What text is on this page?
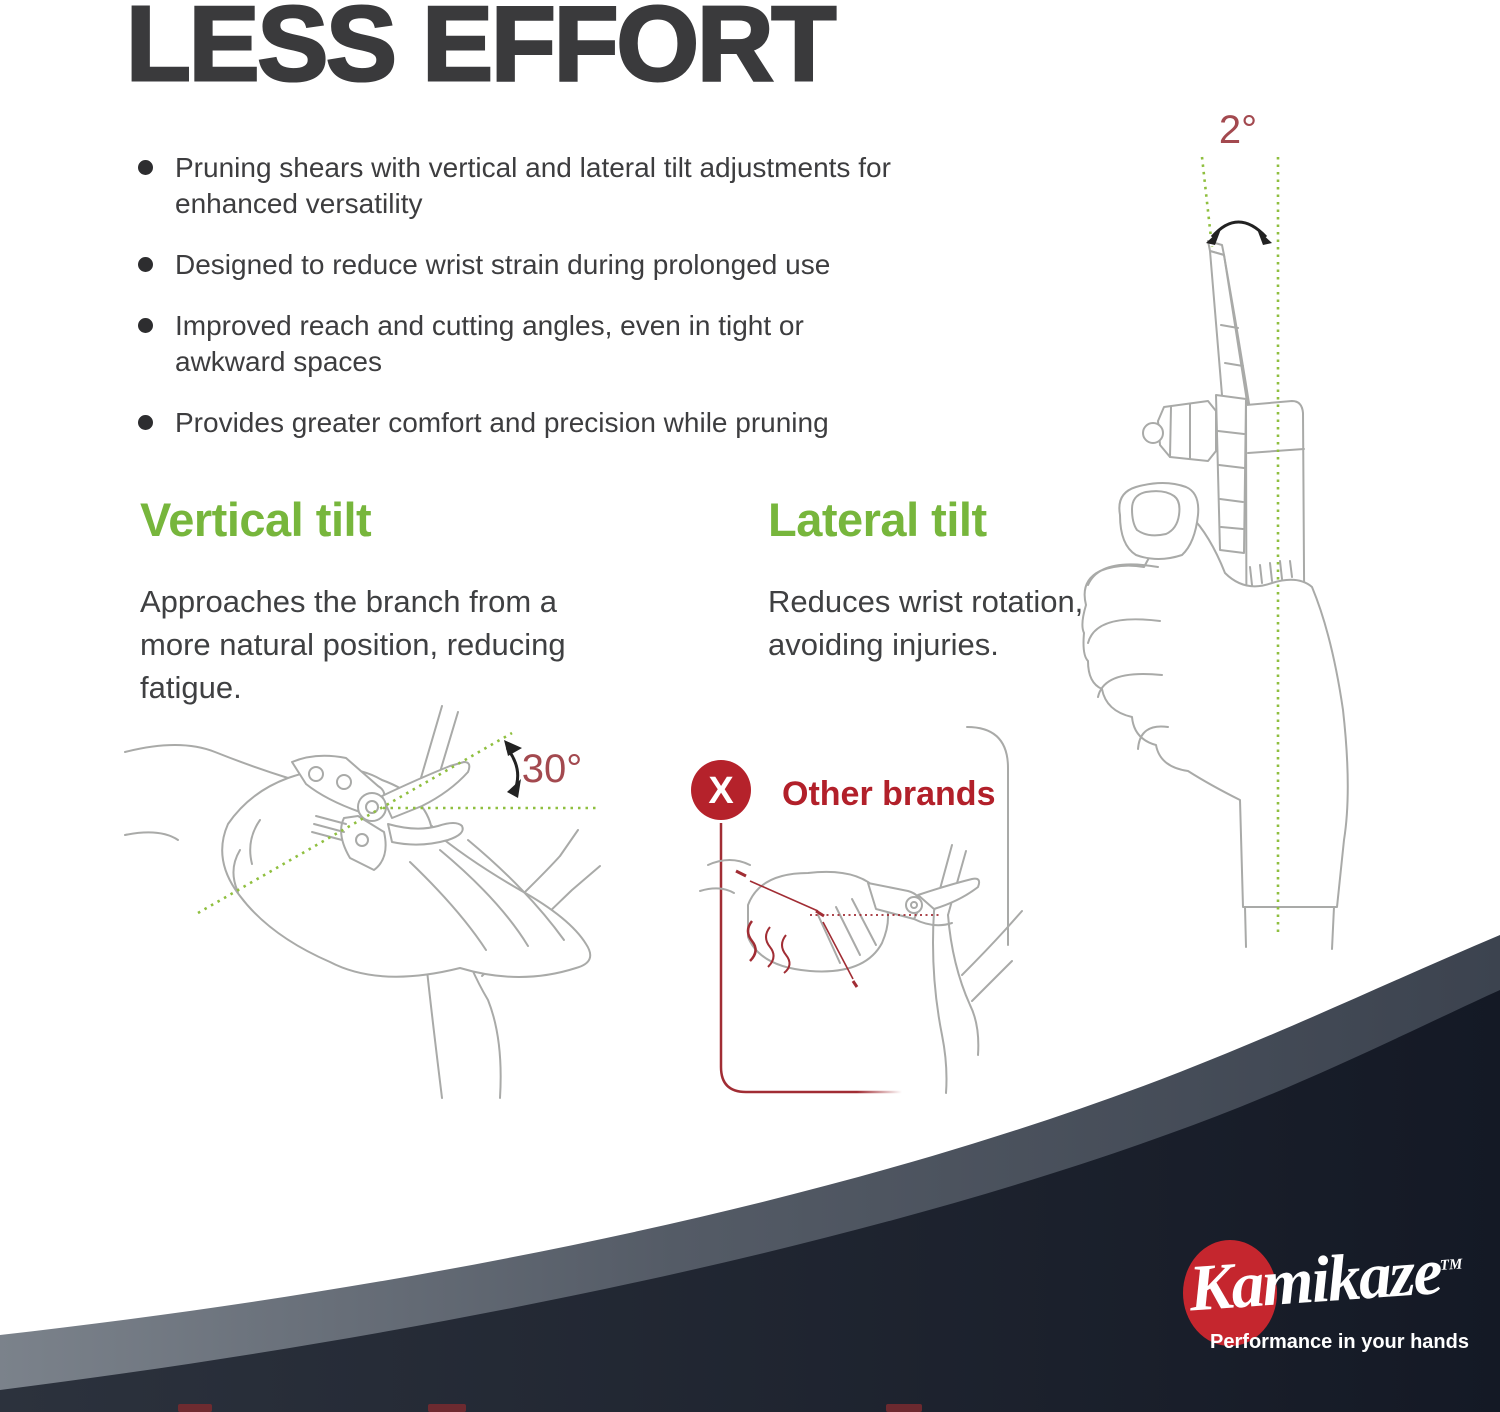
LESS EFFORT
Pruning shears with vertical and lateral tilt adjustments for enhanced versatility
Designed to reduce wrist strain during prolonged use
Improved reach and cutting angles, even in tight or awkward spaces
Provides greater comfort and precision while pruning
Vertical tilt	Lateral tilt
Approaches the branch from a more natural position, reducing fatigue.
Reduces wrist rotation, avoiding injuries.
2°
30°	X Other brands
Kamikaze™
Performance in your hands
